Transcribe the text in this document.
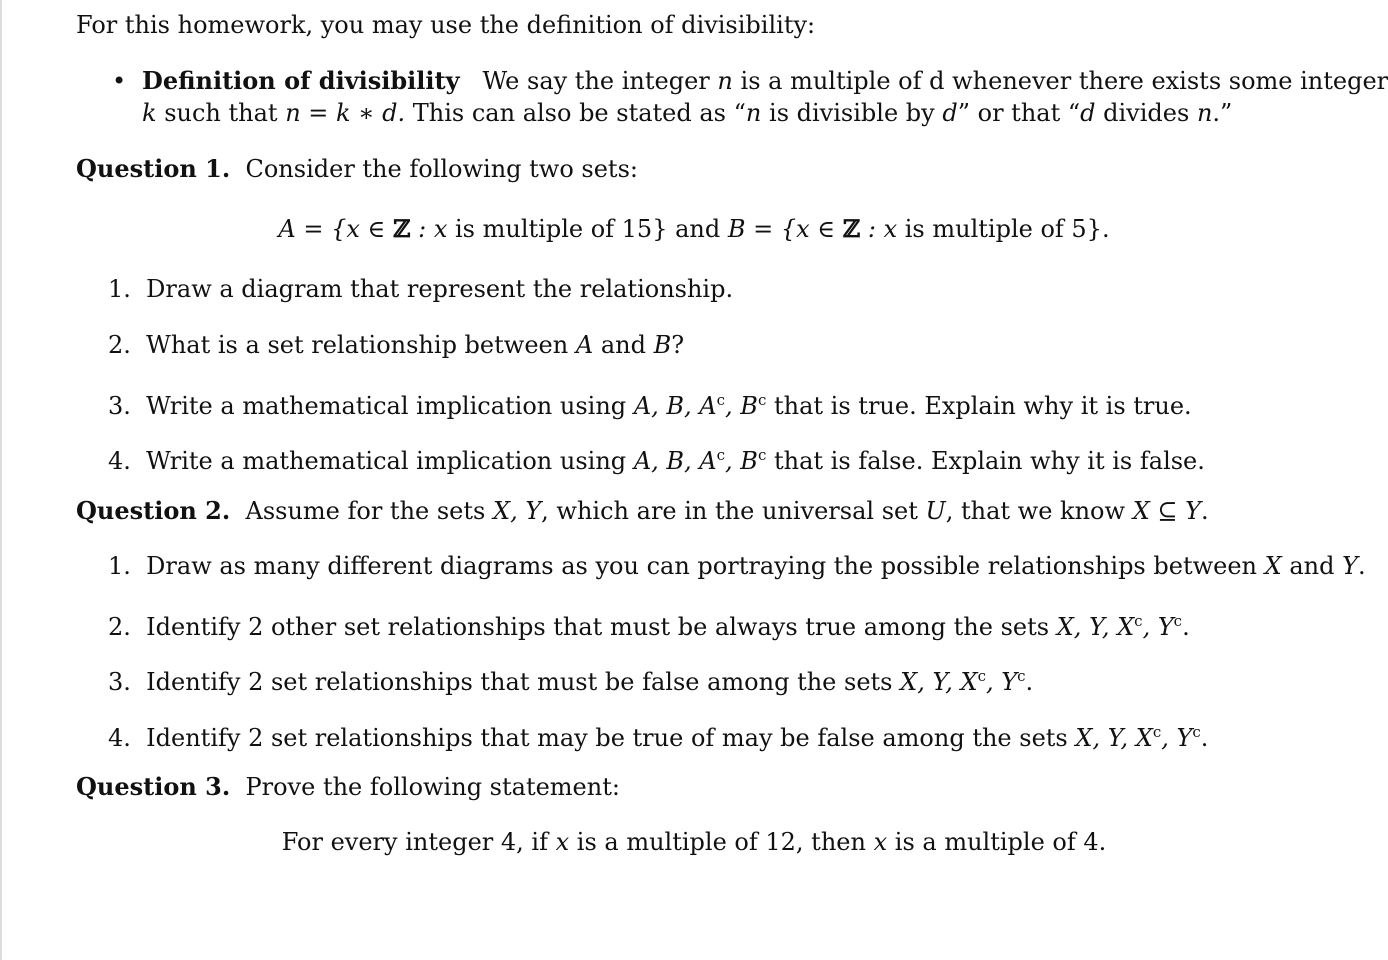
For this homework, you may use the definition of divisibility:
• Definition of divisibility We say the integer n is a multiple of d whenever there exists some integer
k such that n = k ∗ d. This can also be stated as “n is divisible by d” or that “d divides n.”
Question 1. Consider the following two sets:
A = {x ∈ ℤ : x is multiple of 15} and B = {x ∈ ℤ : x is multiple of 5}.
1. Draw a diagram that represent the relationship.
2. What is a set relationship between A and B?
3. Write a mathematical implication using A, B, $A^c$, $B^c$ that is true. Explain why it is true.
4. Write a mathematical implication using A, B, $A^c$, $B^c$ that is false. Explain why it is false.
Question 2. Assume for the sets X, Y, which are in the universal set U, that we know X ⊆ Y.
1. Draw as many different diagrams as you can portraying the possible relationships between X and Y.
2. Identify 2 other set relationships that must be always true among the sets X, Y, $X^c$, $Y^c$.
3. Identify 2 set relationships that must be false among the sets X, Y, $X^c$, $Y^c$.
4. Identify 2 set relationships that may be true of may be false among the sets X, Y, $X^c$, $Y^c$.
Question 3. Prove the following statement:
For every integer 4, if x is a multiple of 12, then x is a multiple of 4.
